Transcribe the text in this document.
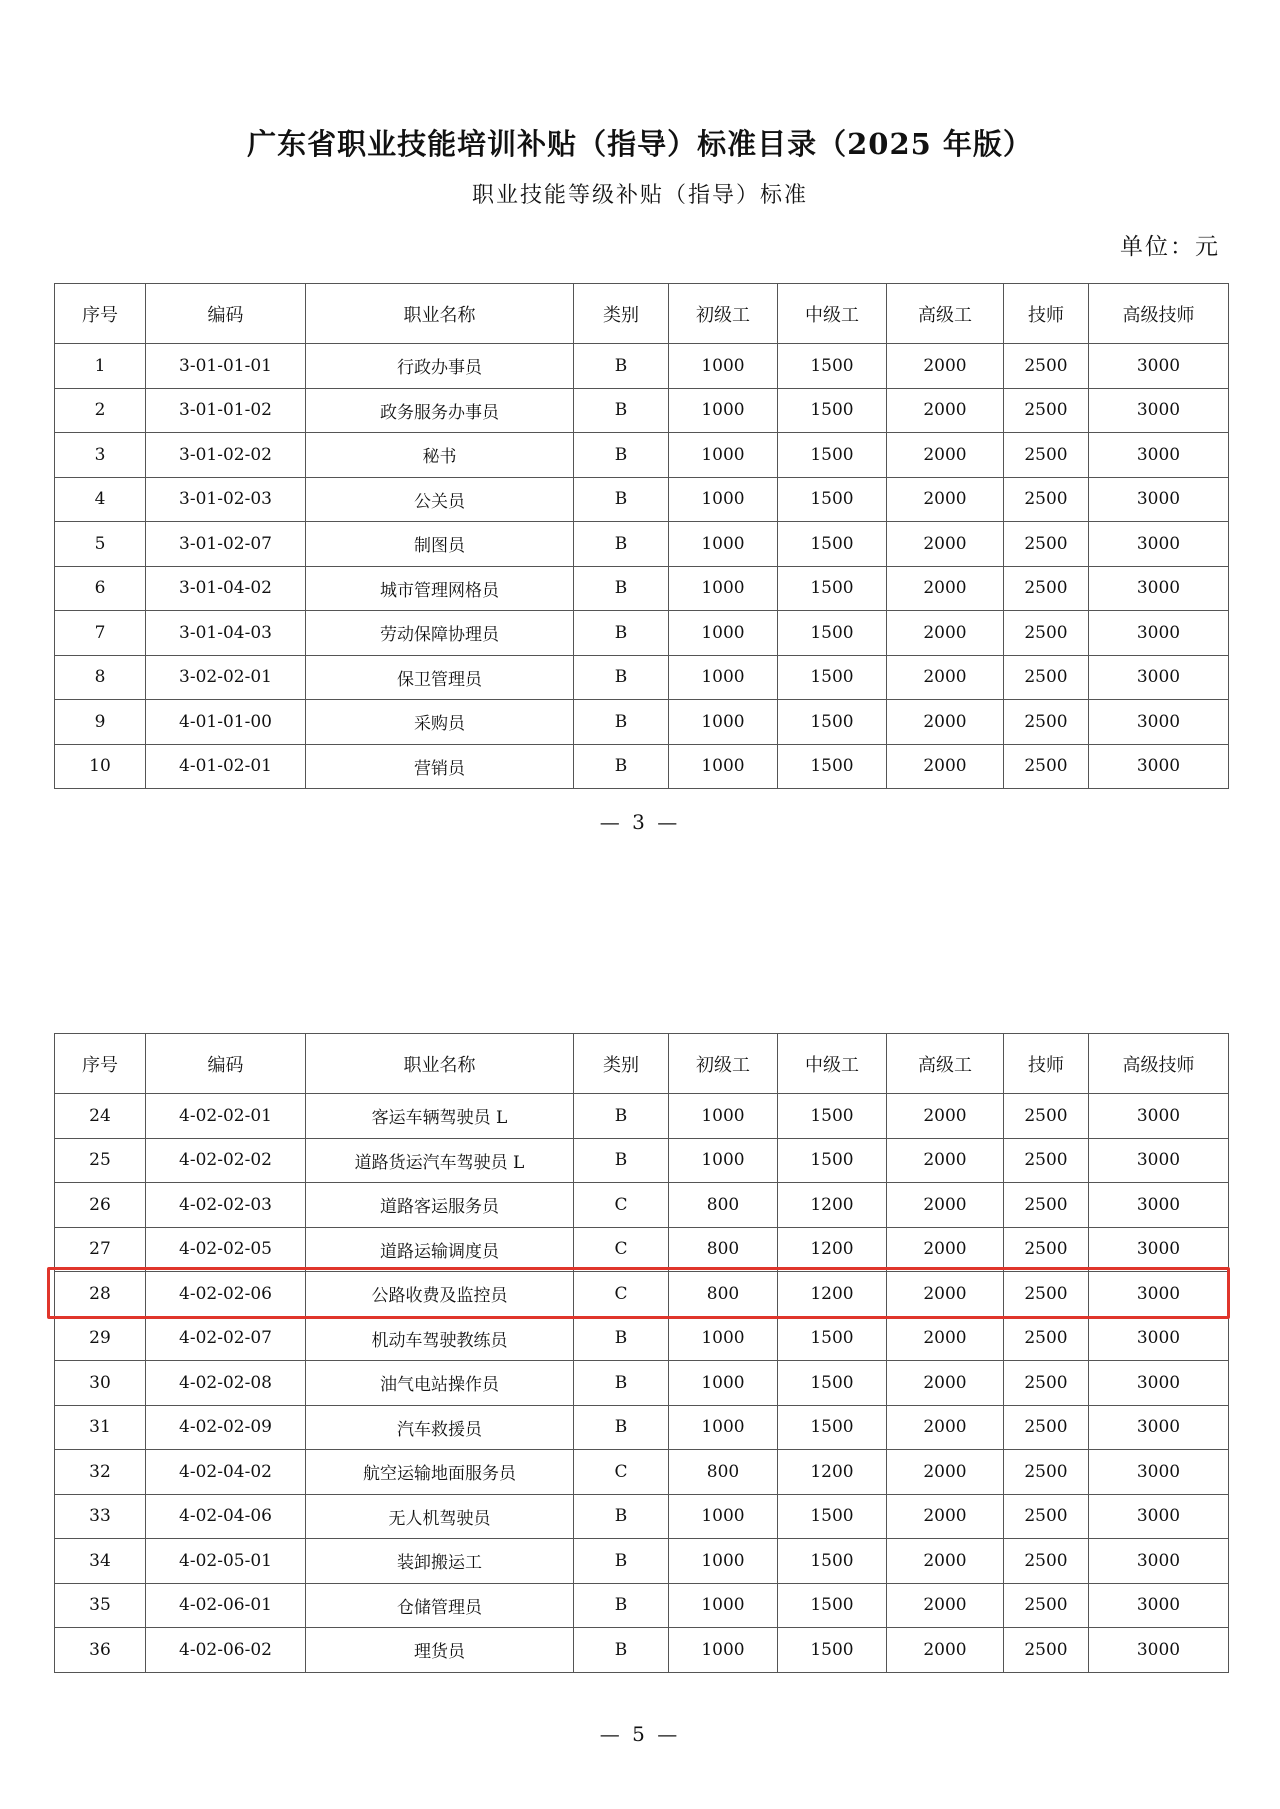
广东省职业技能培训补贴（指导）标准目录（2025 年版）
职业技能等级补贴（指导）标准
单位：元
序号	编码	职业名称	类别	初级工	中级工	高级工	技师	高级技师
1	3-01-01-01	行政办事员	B	1000	1500	2000	2500	3000
2	3-01-01-02	政务服务办事员	B	1000	1500	2000	2500	3000
3	3-01-02-02	秘书	B	1000	1500	2000	2500	3000
4	3-01-02-03	公关员	B	1000	1500	2000	2500	3000
5	3-01-02-07	制图员	B	1000	1500	2000	2500	3000
6	3-01-04-02	城市管理网格员	B	1000	1500	2000	2500	3000
7	3-01-04-03	劳动保障协理员	B	1000	1500	2000	2500	3000
8	3-02-02-01	保卫管理员	B	1000	1500	2000	2500	3000
9	4-01-01-00	采购员	B	1000	1500	2000	2500	3000
10	4-01-02-01	营销员	B	1000	1500	2000	2500	3000
— 3 —
序号	编码	职业名称	类别	初级工	中级工	高级工	技师	高级技师
24	4-02-02-01	客运车辆驾驶员 L	B	1000	1500	2000	2500	3000
25	4-02-02-02	道路货运汽车驾驶员 L	B	1000	1500	2000	2500	3000
26	4-02-02-03	道路客运服务员	C	800	1200	2000	2500	3000
27	4-02-02-05	道路运输调度员	C	800	1200	2000	2500	3000
28	4-02-02-06	公路收费及监控员	C	800	1200	2000	2500	3000
29	4-02-02-07	机动车驾驶教练员	B	1000	1500	2000	2500	3000
30	4-02-02-08	油气电站操作员	B	1000	1500	2000	2500	3000
31	4-02-02-09	汽车救援员	B	1000	1500	2000	2500	3000
32	4-02-04-02	航空运输地面服务员	C	800	1200	2000	2500	3000
33	4-02-04-06	无人机驾驶员	B	1000	1500	2000	2500	3000
34	4-02-05-01	装卸搬运工	B	1000	1500	2000	2500	3000
35	4-02-06-01	仓储管理员	B	1000	1500	2000	2500	3000
36	4-02-06-02	理货员	B	1000	1500	2000	2500	3000
— 5 —
